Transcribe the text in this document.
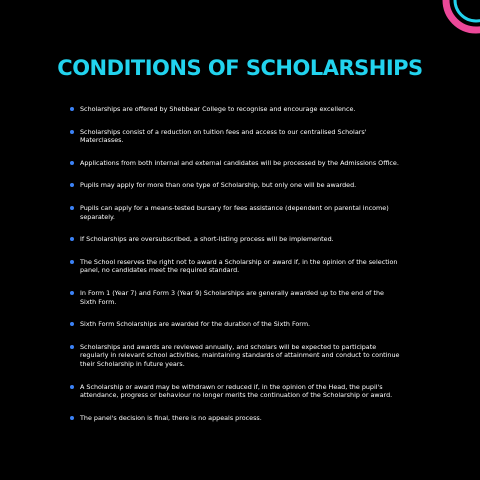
CONDITIONS OF SCHOLARSHIPS
Scholarships are offered by Shebbear College to recognise and encourage excellence.
Scholarships consist of a reduction on tuition fees and access to our centralised Scholars' Materclasses.
Applications from both internal and external candidates will be processed by the Admissions Office.
Pupils may apply for more than one type of Scholarship, but only one will be awarded.
Pupils can apply for a means-tested bursary for fees assistance (dependent on parental income) separately.
If Scholarships are oversubscribed, a short-listing process will be implemented.
The School reserves the right not to award a Scholarship or award if, in the opinion of the selection panel, no candidates meet the required standard.
In Form 1 (Year 7) and Form 3 (Year 9) Scholarships are generally awarded up to the end of the Sixth Form.
Sixth Form Scholarships are awarded for the duration of the Sixth Form.
Scholarships and awards are reviewed annually, and scholars will be expected to participate regularly in relevant school activities, maintaining standards of attainment and conduct to continue their Scholarship in future years.
A Scholarship or award may be withdrawn or reduced if, in the opinion of the Head, the pupil's attendance, progress or behaviour no longer merits the continuation of the Scholarship or award.
The panel's decision is final, there is no appeals process.
